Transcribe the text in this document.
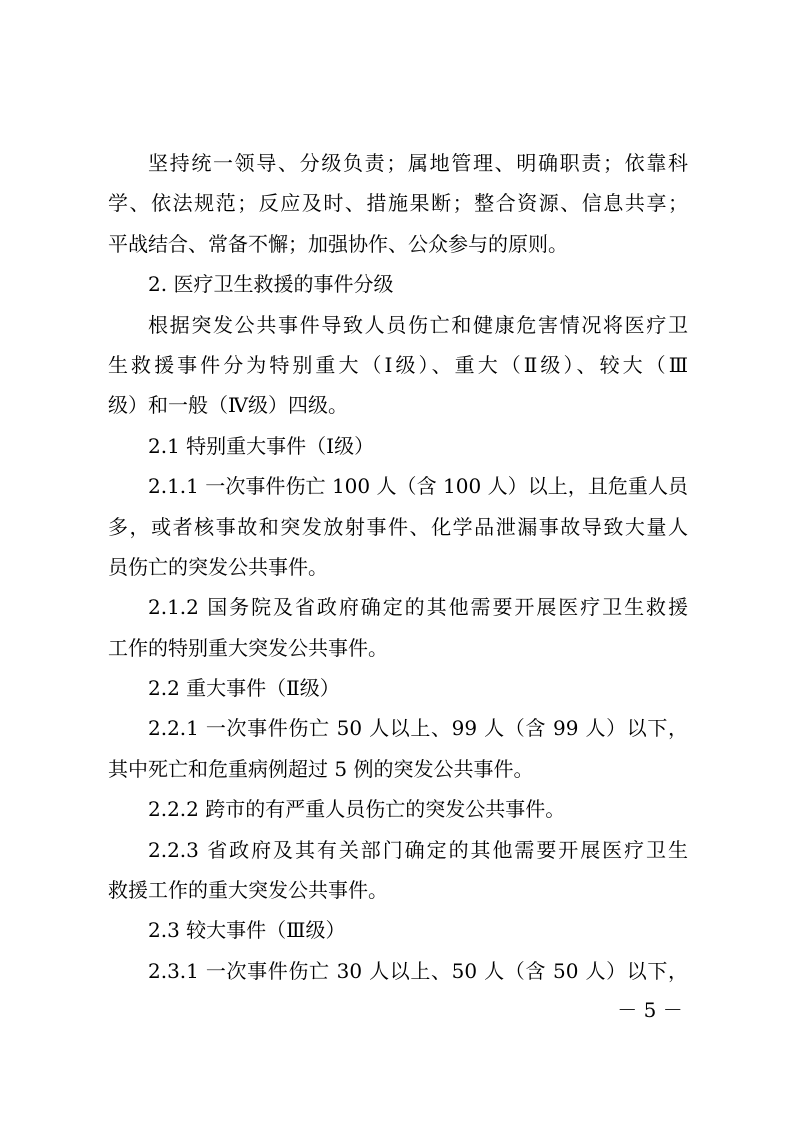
坚持统一领导、分级负责；属地管理、明确职责；依靠科
学、依法规范；反应及时、措施果断；整合资源、信息共享；
平战结合、常备不懈；加强协作、公众参与的原则。
2. 医疗卫生救援的事件分级
根据突发公共事件导致人员伤亡和健康危害情况将医疗卫
生救援事件分为特别重大（Ⅰ级）、重大（Ⅱ级）、较大（Ⅲ
级）和一般（Ⅳ级）四级。
2.1 特别重大事件（Ⅰ级）
2.1.1 一次事件伤亡 100 人（含 100 人）以上，且危重人员
多，或者核事故和突发放射事件、化学品泄漏事故导致大量人
员伤亡的突发公共事件。
2.1.2 国务院及省政府确定的其他需要开展医疗卫生救援
工作的特别重大突发公共事件。
2.2 重大事件（Ⅱ级）
2.2.1 一次事件伤亡 50 人以上、99 人（含 99 人）以下，
其中死亡和危重病例超过 5 例的突发公共事件。
2.2.2 跨市的有严重人员伤亡的突发公共事件。
2.2.3 省政府及其有关部门确定的其他需要开展医疗卫生
救援工作的重大突发公共事件。
2.3 较大事件（Ⅲ级）
2.3.1 一次事件伤亡 30 人以上、50 人（含 50 人）以下，
－ 5 －
